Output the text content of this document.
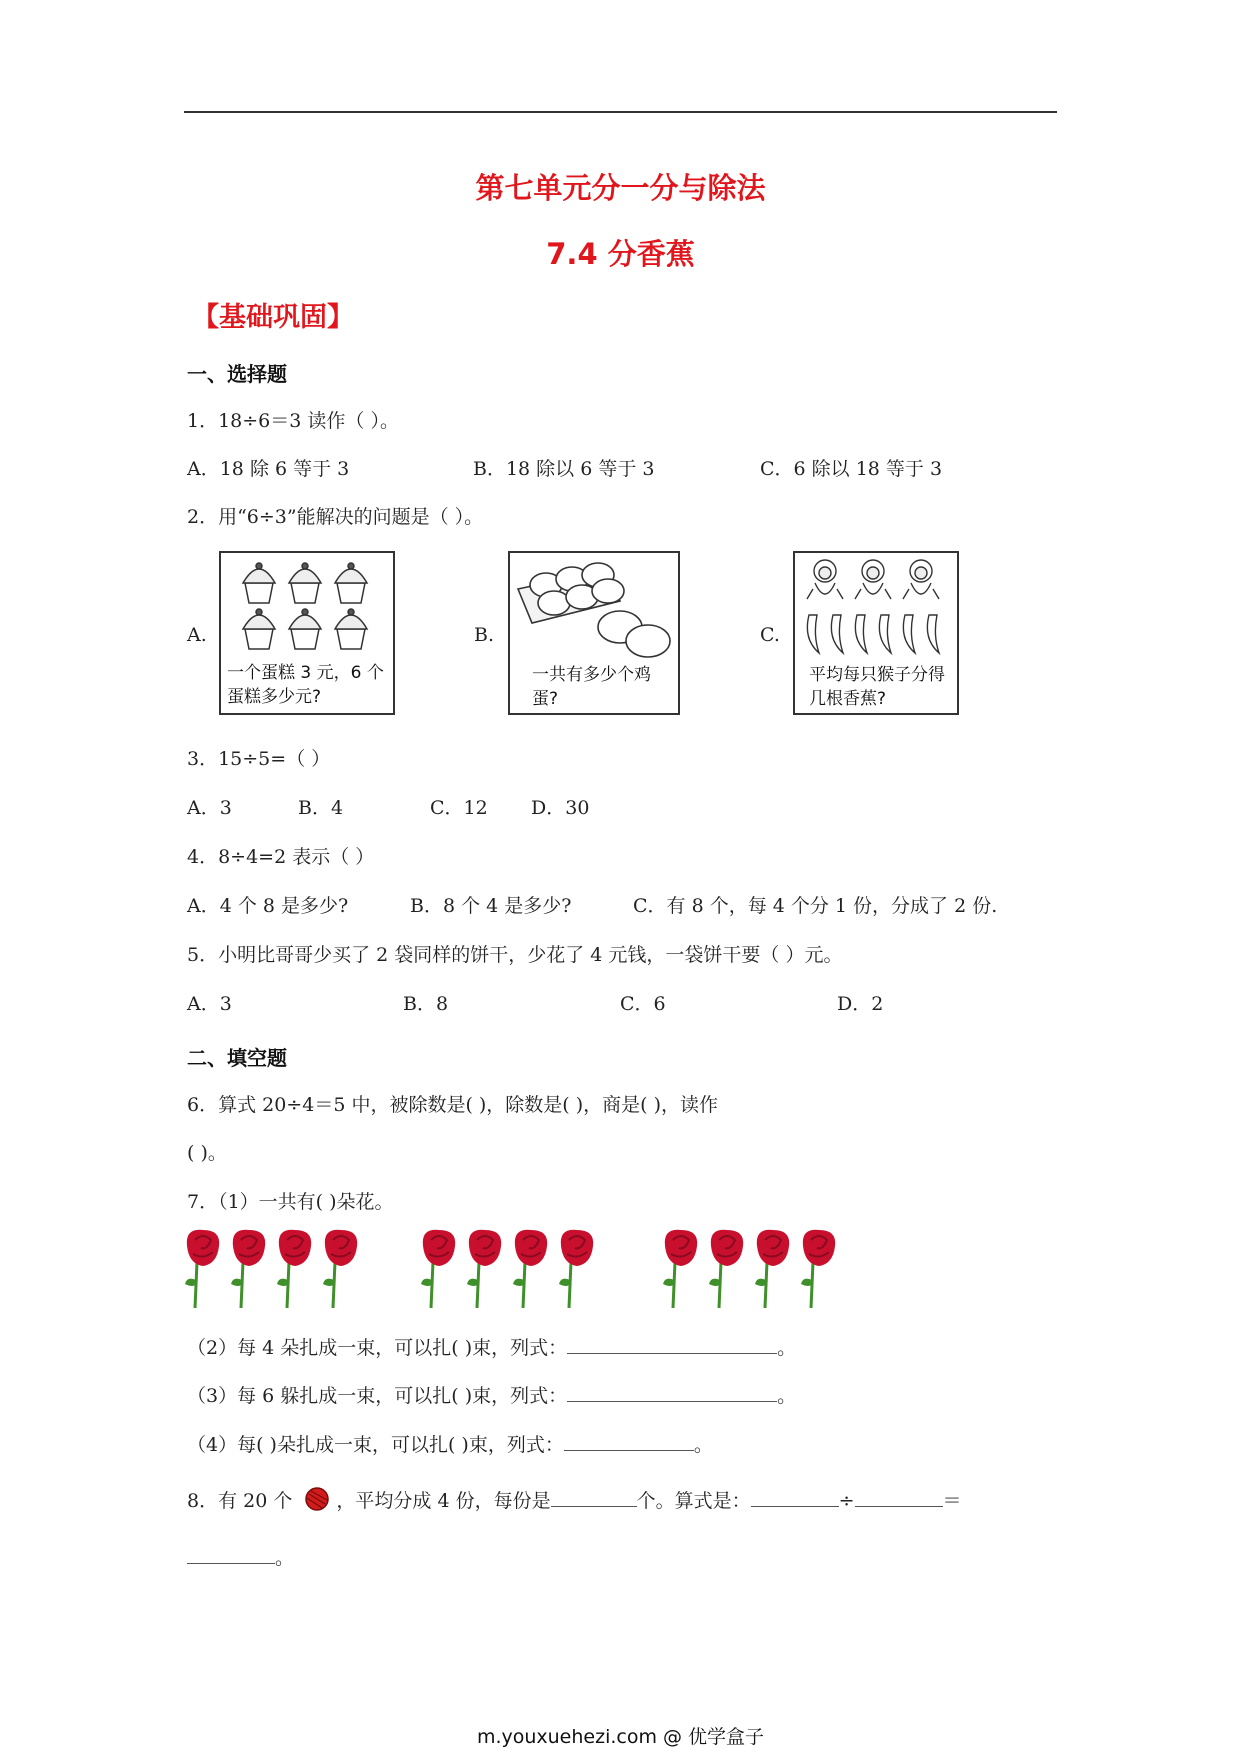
第七单元分一分与除法
7.4 分香蕉
【基础巩固】
一、选择题
1．18÷6＝3 读作（ ）。
A．18 除 6 等于 3	B．18 除以 6 等于 3	C．6 除以 18 等于 3
2．用“6÷3”能解决的问题是（ ）。
A.
一个蛋糕 3 元，6 个蛋糕多少元?
B.
一共有多少个鸡蛋?
C.
平均每只猴子分得几根香蕉?
3．15÷5=（ ）
A．3	B．4	C．12 D．30
4．8÷4=2 表示（ ）
A．4 个 8 是多少?	B．8 个 4 是多少?	C．有 8 个，每 4 个分 1 份，分成了 2 份.
5．小明比哥哥少买了 2 袋同样的饼干，少花了 4 元钱，一袋饼干要（ ）元。
A．3	B．8	C．6	D．2
二、填空题
6．算式 20÷4＝5 中，被除数是( )，除数是( )，商是( )，读作
( )。
7．（1）一共有( )朵花。
（2）每 4 朵扎成一束，可以扎( )束，列式：	。
（3）每 6 躲扎成一束，可以扎( )束，列式：	。
（4）每( )朵扎成一束，可以扎( )束，列式：	。
8．有 20 个 ，平均分成 4 份，每份是	个。算式是：	÷	＝
。
m.youxuehezi.com @ 优学盒子
